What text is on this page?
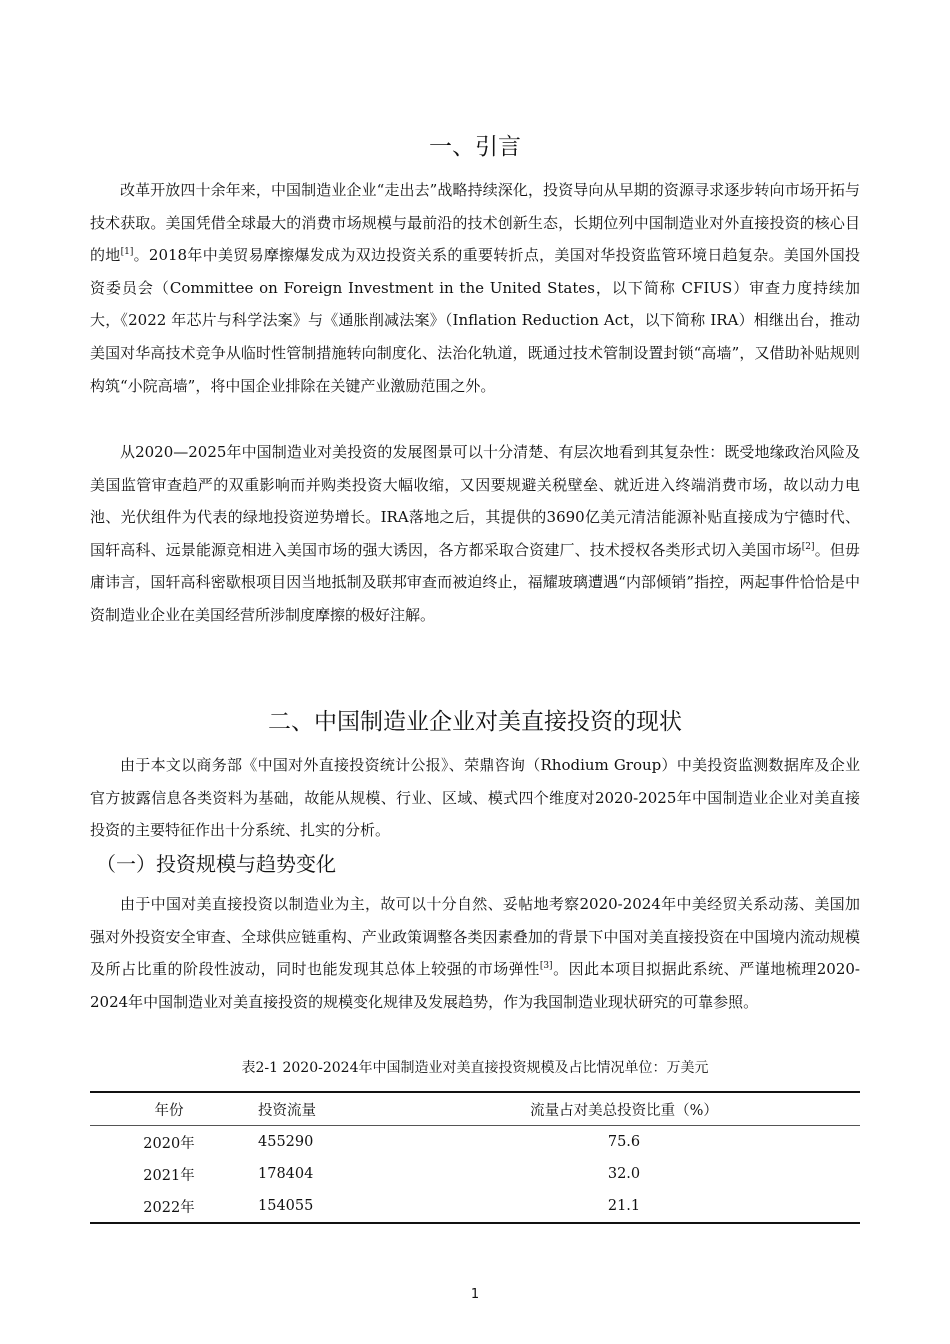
一、引言

改革开放四十余年来，中国制造业企业“走出去”战略持续深化，投资导向从早期的资源寻求逐步转向市场开拓与技术获取。美国凭借全球最大的消费市场规模与最前沿的技术创新生态，长期位列中国制造业对外直接投资的核心目的地[1]。2018年中美贸易摩擦爆发成为双边投资关系的重要转折点，美国对华投资监管环境日趋复杂。美国外国投资委员会（Committee on Foreign Investment in the United States，以下简称 CFIUS）审查力度持续加大，《2022 年芯片与科学法案》与《通胀削减法案》（Inflation Reduction Act，以下简称 IRA）相继出台，推动美国对华高技术竞争从临时性管制措施转向制度化、法治化轨道，既通过技术管制设置封锁“高墙”，又借助补贴规则构筑“小院高墙”，将中国企业排除在关键产业激励范围之外。

从2020—2025年中国制造业对美投资的发展图景可以十分清楚、有层次地看到其复杂性：既受地缘政治风险及美国监管审查趋严的双重影响而并购类投资大幅收缩，又因要规避关税壁垒、就近进入终端消费市场，故以动力电池、光伏组件为代表的绿地投资逆势增长。IRA落地之后，其提供的3690亿美元清洁能源补贴直接成为宁德时代、国轩高科、远景能源竞相进入美国市场的强大诱因，各方都采取合资建厂、技术授权各类形式切入美国市场[2]。但毋庸讳言，国轩高科密歇根项目因当地抵制及联邦审查而被迫终止，福耀玻璃遭遇“内部倾销”指控，两起事件恰恰是中资制造业企业在美国经营所涉制度摩擦的极好注解。

二、中国制造业企业对美直接投资的现状

由于本文以商务部《中国对外直接投资统计公报》、荣鼎咨询（Rhodium Group）中美投资监测数据库及企业官方披露信息各类资料为基础，故能从规模、行业、区域、模式四个维度对2020-2025年中国制造业企业对美直接投资的主要特征作出十分系统、扎实的分析。

（一）投资规模与趋势变化

由于中国对美直接投资以制造业为主，故可以十分自然、妥帖地考察2020-2024年中美经贸关系动荡、美国加强对外投资安全审查、全球供应链重构、产业政策调整各类因素叠加的背景下中国对美直接投资在中国境内流动规模及所占比重的阶段性波动，同时也能发现其总体上较强的市场弹性[3]。因此本项目拟据此系统、严谨地梳理2020-2024年中国制造业对美直接投资的规模变化规律及发展趋势，作为我国制造业现状研究的可靠参照。

表2-1 2020-2024年中国制造业对美直接投资规模及占比情况单位：万美元
年份	投资流量	流量占对美总投资比重（%）
2020年	455290	75.6
2021年	178404	32.0
2022年	154055	21.1
1
